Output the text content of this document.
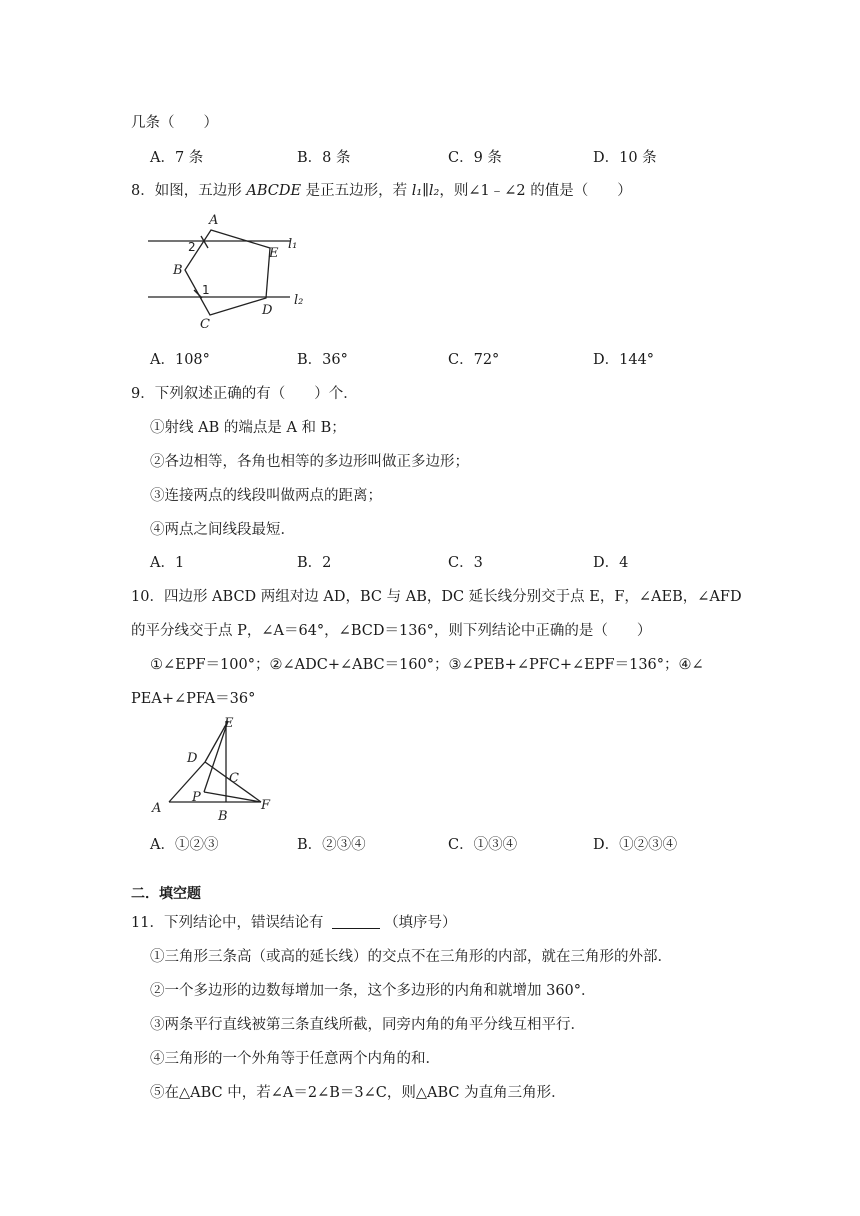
几条（　　）
A．7 条	B．8 条	C．9 条	D．10 条
8．如图，五边形 ABCDE 是正五边形，若 l₁∥l₂，则∠1﹣∠2 的值是（　　）
A
B
C
D
E
l₁
l₂
2
1
A．108°	B．36°	C．72°	D．144°
9．下列叙述正确的有（　　）个．
①射线 AB 的端点是 A 和 B；
②各边相等，各角也相等的多边形叫做正多边形；
③连接两点的线段叫做两点的距离；
④两点之间线段最短．
A．1	B．2	C．3	D．4
10．四边形 ABCD 两组对边 AD，BC 与 AB，DC 延长线分别交于点 E，F，∠AEB，∠AFD
的平分线交于点 P，∠A＝64°，∠BCD＝136°，则下列结论中正确的是（　　）
①∠EPF＝100°；②∠ADC+∠ABC＝160°；③∠PEB+∠PFC+∠EPF＝136°；④∠
PEA+∠PFA＝36°
E
D
C
P
A
B
F
A．①②③	B．②③④	C．①③④	D．①②③④
二．填空题
11．下列结论中，错误结论有	（填序号）
①三角形三条高（或高的延长线）的交点不在三角形的内部，就在三角形的外部．
②一个多边形的边数每增加一条，这个多边形的内角和就增加 360°．
③两条平行直线被第三条直线所截，同旁内角的角平分线互相平行．
④三角形的一个外角等于任意两个内角的和．
⑤在△ABC 中，若∠A＝2∠B＝3∠C，则△ABC 为直角三角形．
